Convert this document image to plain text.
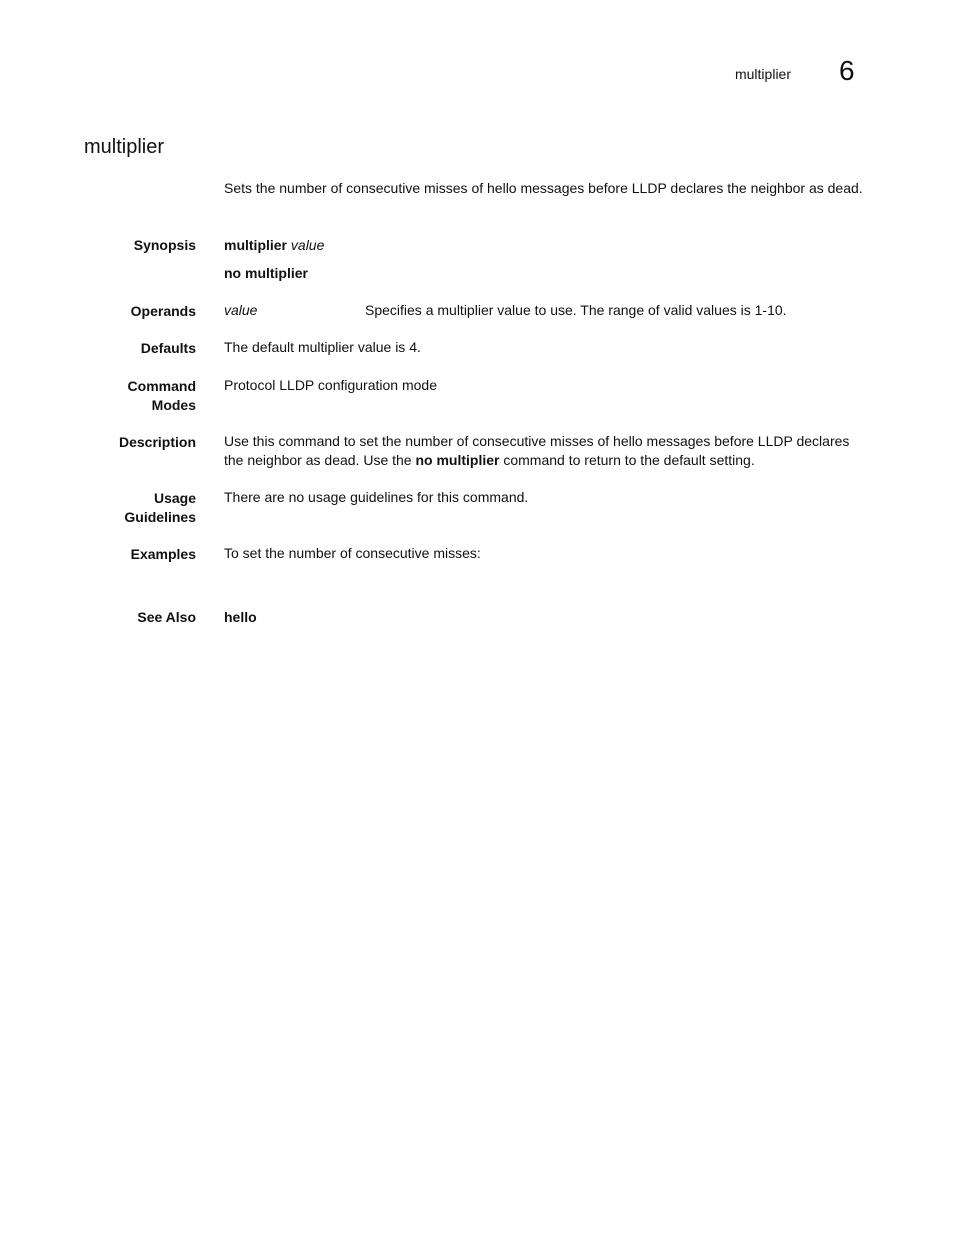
multiplier 6
multiplier
Sets the number of consecutive misses of hello messages before LLDP declares the neighbor as dead.
Synopsis multiplier value
no multiplier
Operands value	Specifies a multiplier value to use. The range of valid values is 1-10.
Defaults The default multiplier value is 4.
Command
Modes
Protocol LLDP configuration mode
Description Use this command to set the number of consecutive misses of hello messages before LLDP declares the neighbor as dead. Use the no multiplier command to return to the default setting.
Usage
Guidelines
There are no usage guidelines for this command.
Examples To set the number of consecutive misses:
See Also hello
